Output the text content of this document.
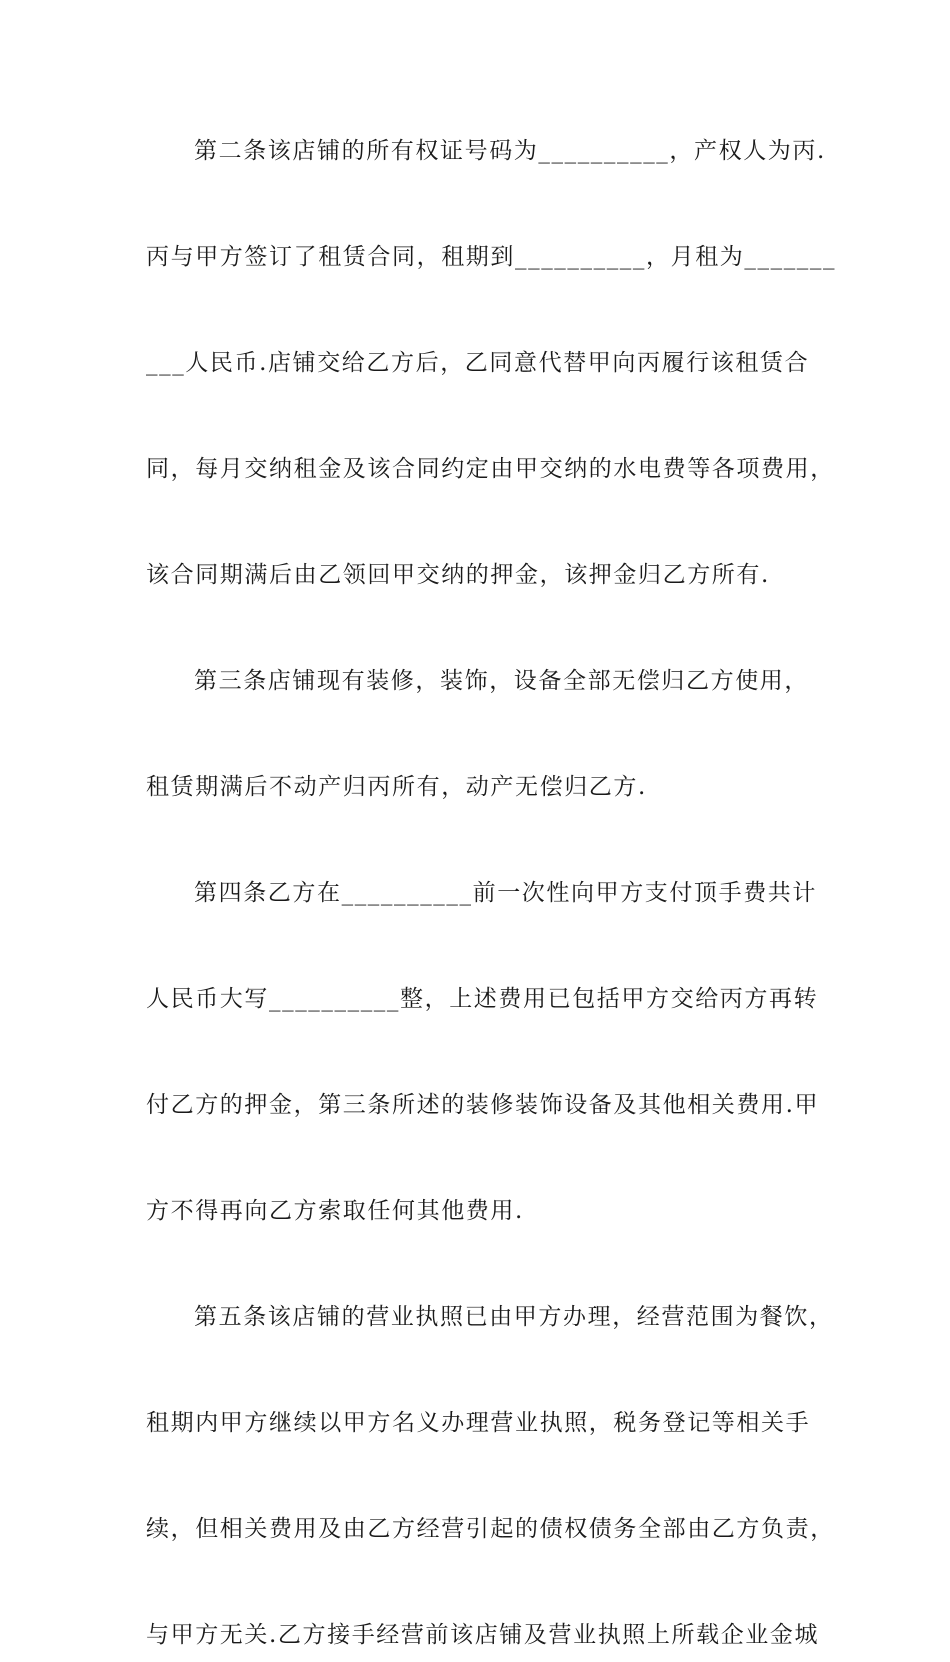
第二条该店铺的所有权证号码为__________，产权人为丙.
丙与甲方签订了租赁合同，租期到__________，月租为_______
___人民币.店铺交给乙方后，乙同意代替甲向丙履行该租赁合
同，每月交纳租金及该合同约定由甲交纳的水电费等各项费用，
该合同期满后由乙领回甲交纳的押金，该押金归乙方所有.
第三条店铺现有装修，装饰，设备全部无偿归乙方使用，
租赁期满后不动产归丙所有，动产无偿归乙方.
第四条乙方在__________前一次性向甲方支付顶手费共计
人民币大写__________整，上述费用已包括甲方交给丙方再转
付乙方的押金，第三条所述的装修装饰设备及其他相关费用.甲
方不得再向乙方索取任何其他费用.
第五条该店铺的营业执照已由甲方办理，经营范围为餐饮，
租期内甲方继续以甲方名义办理营业执照，税务登记等相关手
续，但相关费用及由乙方经营引起的债权债务全部由乙方负责，
与甲方无关.乙方接手经营前该店铺及营业执照上所载企业金城
